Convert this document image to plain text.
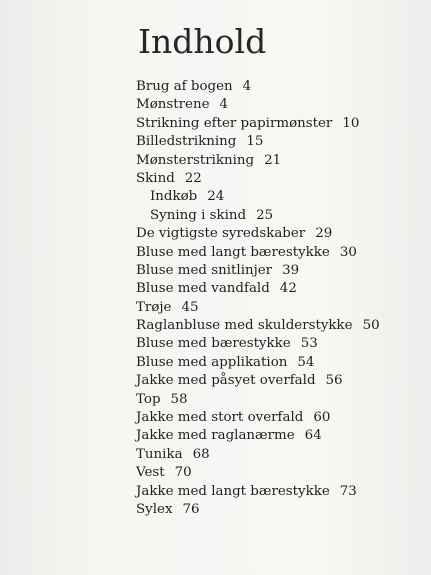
Indhold
Brug af bogen 4
Mønstrene 4
Strikning efter papirmønster 10
Billedstrikning 15
Mønsterstrikning 21
Skind 22
Indkøb 24
Syning i skind 25
De vigtigste syredskaber 29
Bluse med langt bærestykke 30
Bluse med snitlinjer 39
Bluse med vandfald 42
Trøje 45
Raglanbluse med skulderstykke 50
Bluse med bærestykke 53
Bluse med applikation 54
Jakke med påsyet overfald 56
Top 58
Jakke med stort overfald 60
Jakke med raglanærme 64
Tunika 68
Vest 70
Jakke med langt bærestykke 73
Sylex 76
